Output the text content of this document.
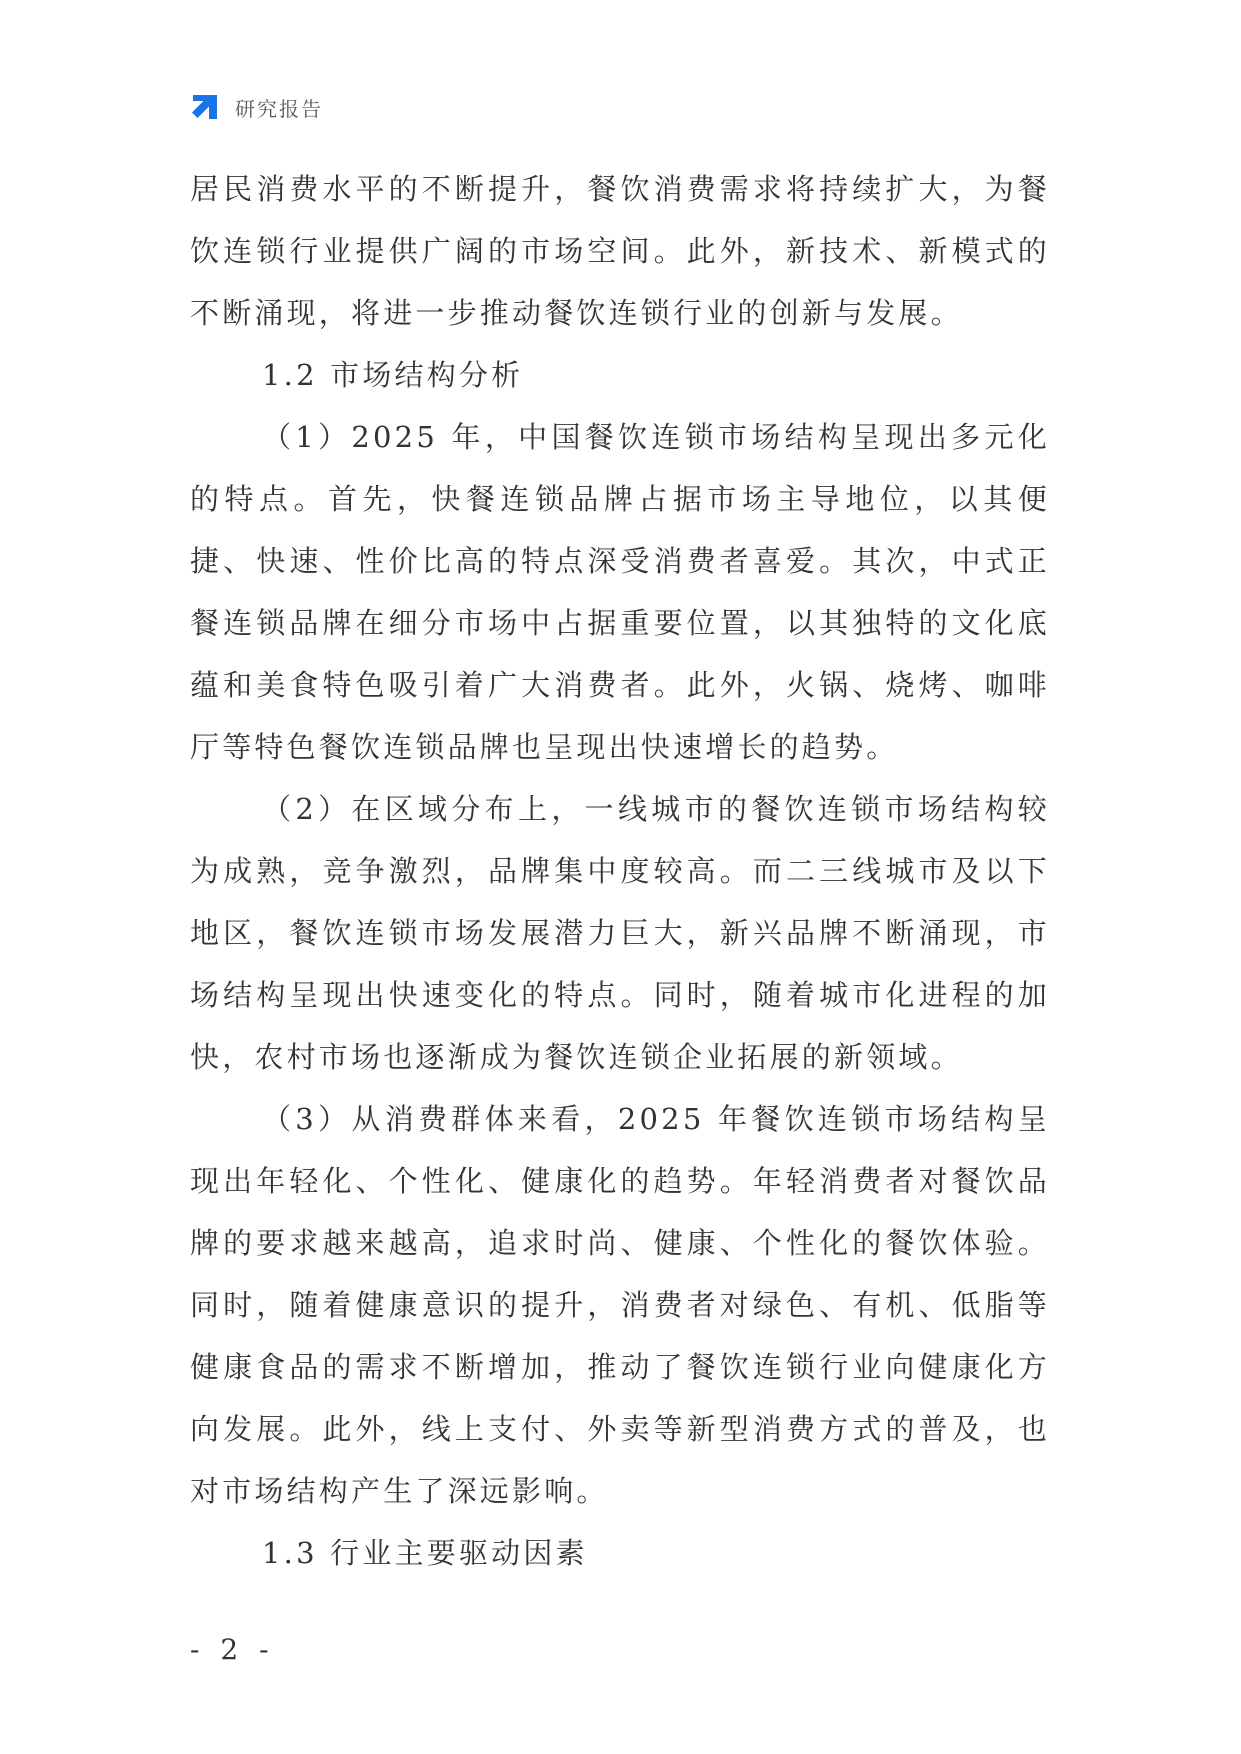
研究报告

居民消费水平的不断提升，餐饮消费需求将持续扩大，为餐饮连锁行业提供广阔的市场空间。此外，新技术、新模式的不断涌现，将进一步推动餐饮连锁行业的创新与发展。

1.2 市场结构分析

（1）2025 年，中国餐饮连锁市场结构呈现出多元化的特点。首先，快餐连锁品牌占据市场主导地位，以其便捷、快速、性价比高的特点深受消费者喜爱。其次，中式正餐连锁品牌在细分市场中占据重要位置，以其独特的文化底蕴和美食特色吸引着广大消费者。此外，火锅、烧烤、咖啡厅等特色餐饮连锁品牌也呈现出快速增长的趋势。

（2）在区域分布上，一线城市的餐饮连锁市场结构较为成熟，竞争激烈，品牌集中度较高。而二三线城市及以下地区，餐饮连锁市场发展潜力巨大，新兴品牌不断涌现，市场结构呈现出快速变化的特点。同时，随着城市化进程的加快，农村市场也逐渐成为餐饮连锁企业拓展的新领域。

（3）从消费群体来看，2025 年餐饮连锁市场结构呈现出年轻化、个性化、健康化的趋势。年轻消费者对餐饮品牌的要求越来越高，追求时尚、健康、个性化的餐饮体验。同时，随着健康意识的提升，消费者对绿色、有机、低脂等健康食品的需求不断增加，推动了餐饮连锁行业向健康化方向发展。此外，线上支付、外卖等新型消费方式的普及，也对市场结构产生了深远影响。

1.3 行业主要驱动因素

- 2 -
